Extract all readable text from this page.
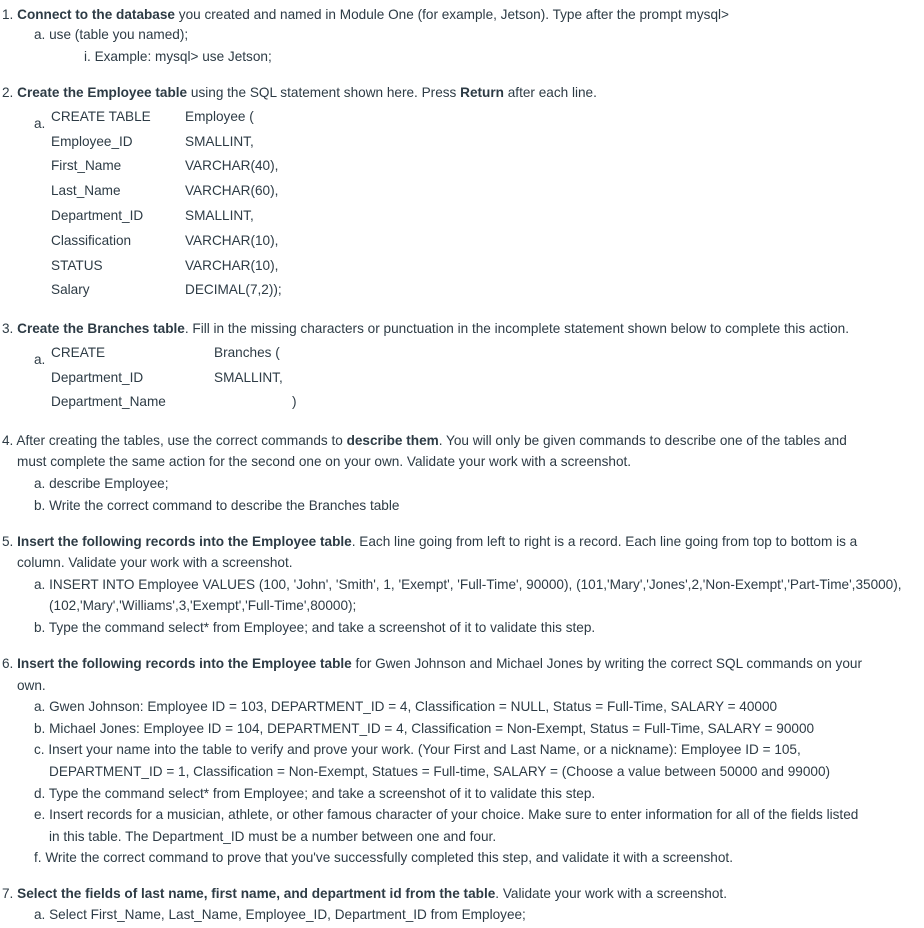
1. Connect to the database you created and named in Module One (for example, Jetson). Type after the prompt mysql>
a. use (table you named);
i. Example: mysql> use Jetson;
2. Create the Employee table using the SQL statement shown here. Press Return after each line.
a. CREATE TABLE	Employee (
Employee_ID	SMALLINT,
First_Name	VARCHAR(40),
Last_Name	VARCHAR(60),
Department_ID	SMALLINT,
Classification	VARCHAR(10),
STATUS	VARCHAR(10),
Salary	DECIMAL(7,2));
3. Create the Branches table. Fill in the missing characters or punctuation in the incomplete statement shown below to complete this action.
a. CREATE	Branches (
Department_ID	SMALLINT,
Department_Name	)
4. After creating the tables, use the correct commands to describe them. You will only be given commands to describe one of the tables and
must complete the same action for the second one on your own. Validate your work with a screenshot.
a. describe Employee;
b. Write the correct command to describe the Branches table
5. Insert the following records into the Employee table. Each line going from left to right is a record. Each line going from top to bottom is a
column. Validate your work with a screenshot.
a. INSERT INTO Employee VALUES (100, 'John', 'Smith', 1, 'Exempt', 'Full-Time', 90000), (101,'Mary','Jones',2,'Non-Exempt','Part-Time',35000),
(102,'Mary','Williams',3,'Exempt','Full-Time',80000);
b. Type the command select* from Employee; and take a screenshot of it to validate this step.
6. Insert the following records into the Employee table for Gwen Johnson and Michael Jones by writing the correct SQL commands on your
own.
a. Gwen Johnson: Employee ID = 103, DEPARTMENT_ID = 4, Classification = NULL, Status = Full-Time, SALARY = 40000
b. Michael Jones: Employee ID = 104, DEPARTMENT_ID = 4, Classification = Non-Exempt, Status = Full-Time, SALARY = 90000
c. Insert your name into the table to verify and prove your work. (Your First and Last Name, or a nickname): Employee ID = 105,
DEPARTMENT_ID = 1, Classification = Non-Exempt, Statues = Full-time, SALARY = (Choose a value between 50000 and 99000)
d. Type the command select* from Employee; and take a screenshot of it to validate this step.
e. Insert records for a musician, athlete, or other famous character of your choice. Make sure to enter information for all of the fields listed
in this table. The Department_ID must be a number between one and four.
f. Write the correct command to prove that you've successfully completed this step, and validate it with a screenshot.
7. Select the fields of last name, first name, and department id from the table. Validate your work with a screenshot.
a. Select First_Name, Last_Name, Employee_ID, Department_ID from Employee;
